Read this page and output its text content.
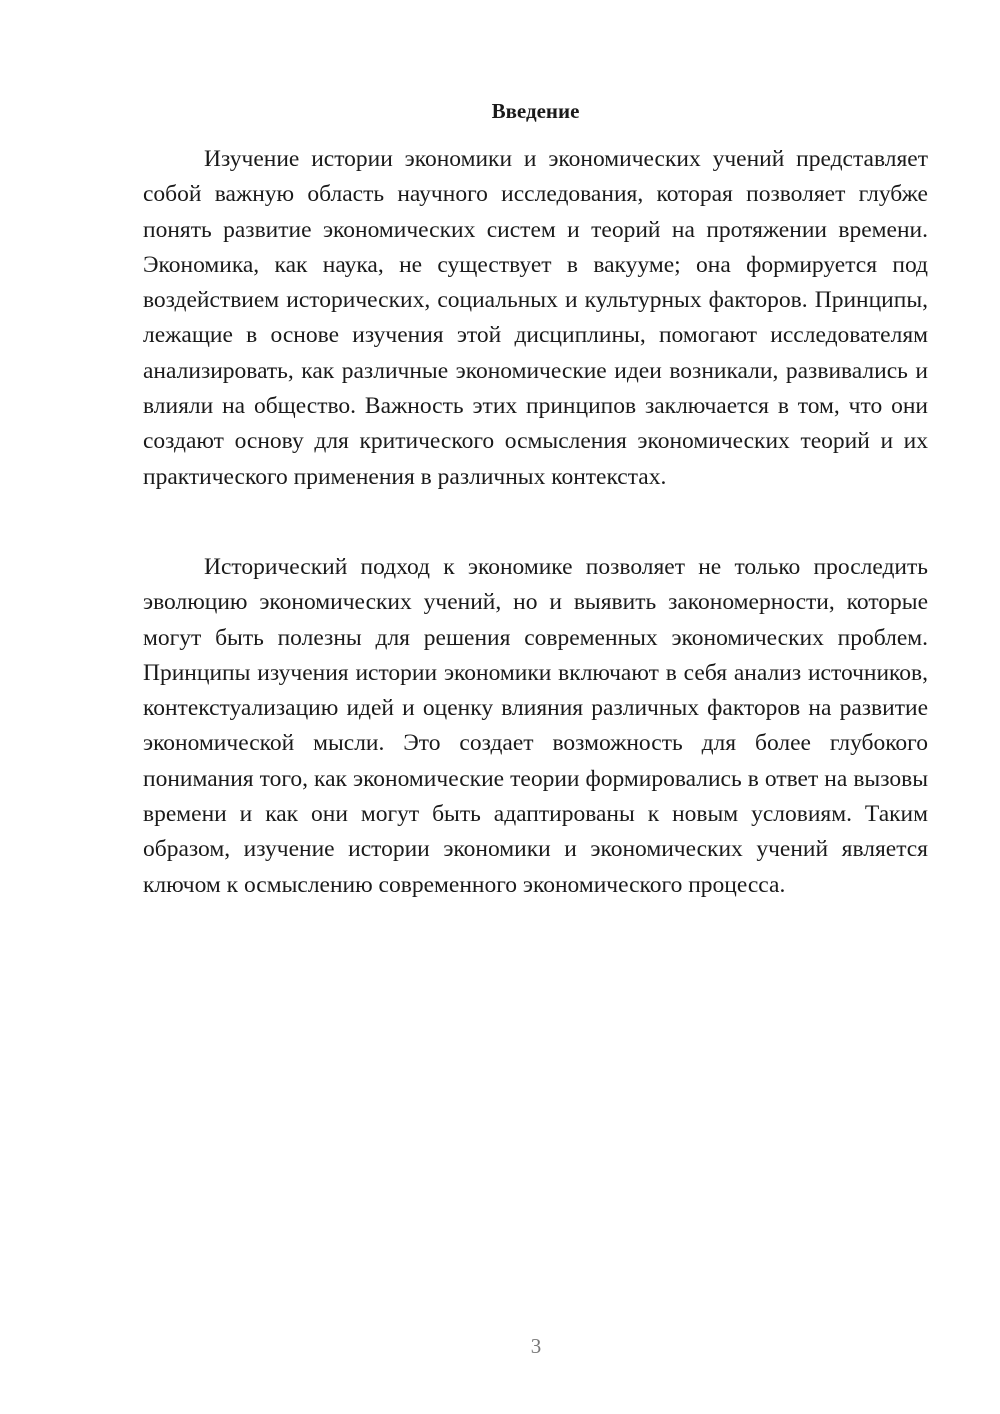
Введение

Изучение истории экономики и экономических учений представляет собой важную область научного исследования, которая позволяет глубже понять развитие экономических систем и теорий на протяжении времени. Экономика, как наука, не существует в вакууме; она формируется под воздействием исторических, социальных и культурных факторов. Принципы, лежащие в основе изучения этой дисциплины, помогают исследователям анализировать, как различные экономические идеи возникали, развивались и влияли на общество. Важность этих принципов заключается в том, что они создают основу для критического осмысления экономических теорий и их практического применения в различных контекстах.

Исторический подход к экономике позволяет не только проследить эволюцию экономических учений, но и выявить закономерности, которые могут быть полезны для решения современных экономических проблем. Принципы изучения истории экономики включают в себя анализ источников, контекстуализацию идей и оценку влияния различных факторов на развитие экономической мысли. Это создает возможность для более глубокого понимания того, как экономические теории формировались в ответ на вызовы времени и как они могут быть адаптированы к новым условиям. Таким образом, изучение истории экономики и экономических учений является ключом к осмыслению современного экономического процесса.

3
